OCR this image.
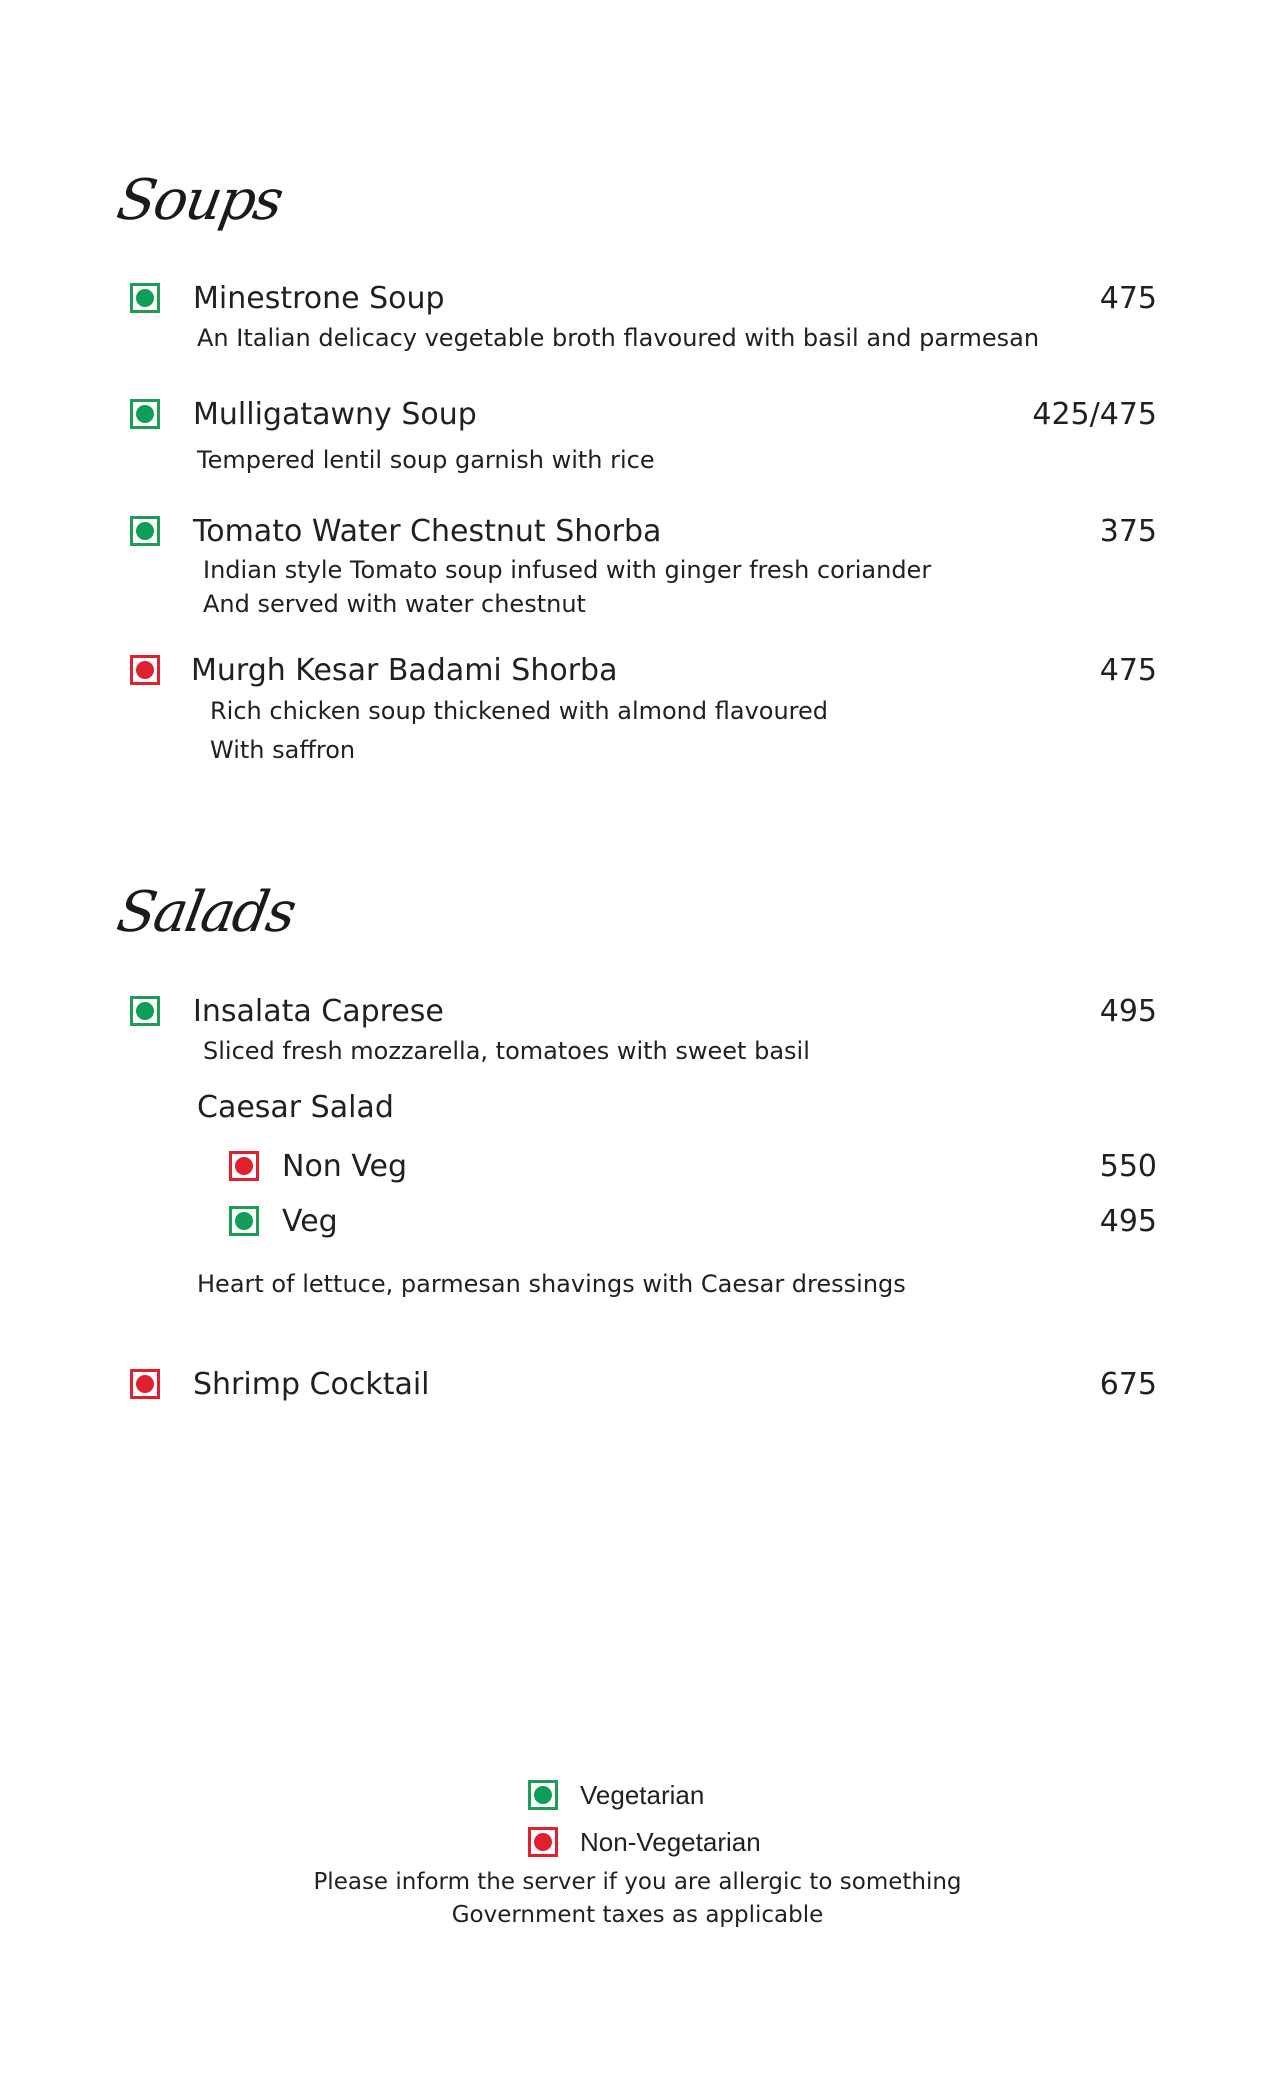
Soups
Minestrone Soup	475
An Italian delicacy vegetable broth flavoured with basil and parmesan
Mulligatawny Soup	425/475
Tempered lentil soup garnish with rice
Tomato Water Chestnut Shorba	375
Indian style Tomato soup infused with ginger fresh coriander
And served with water chestnut
Murgh Kesar Badami Shorba	475
Rich chicken soup thickened with almond flavoured
With saffron
Salads
Insalata Caprese	495
Sliced fresh mozzarella, tomatoes with sweet basil
Caesar Salad
Non Veg	550
Veg	495
Heart of lettuce, parmesan shavings with Caesar dressings
Shrimp Cocktail	675
Vegetarian
Non-Vegetarian
Please inform the server if you are allergic to something
Government taxes as applicable
